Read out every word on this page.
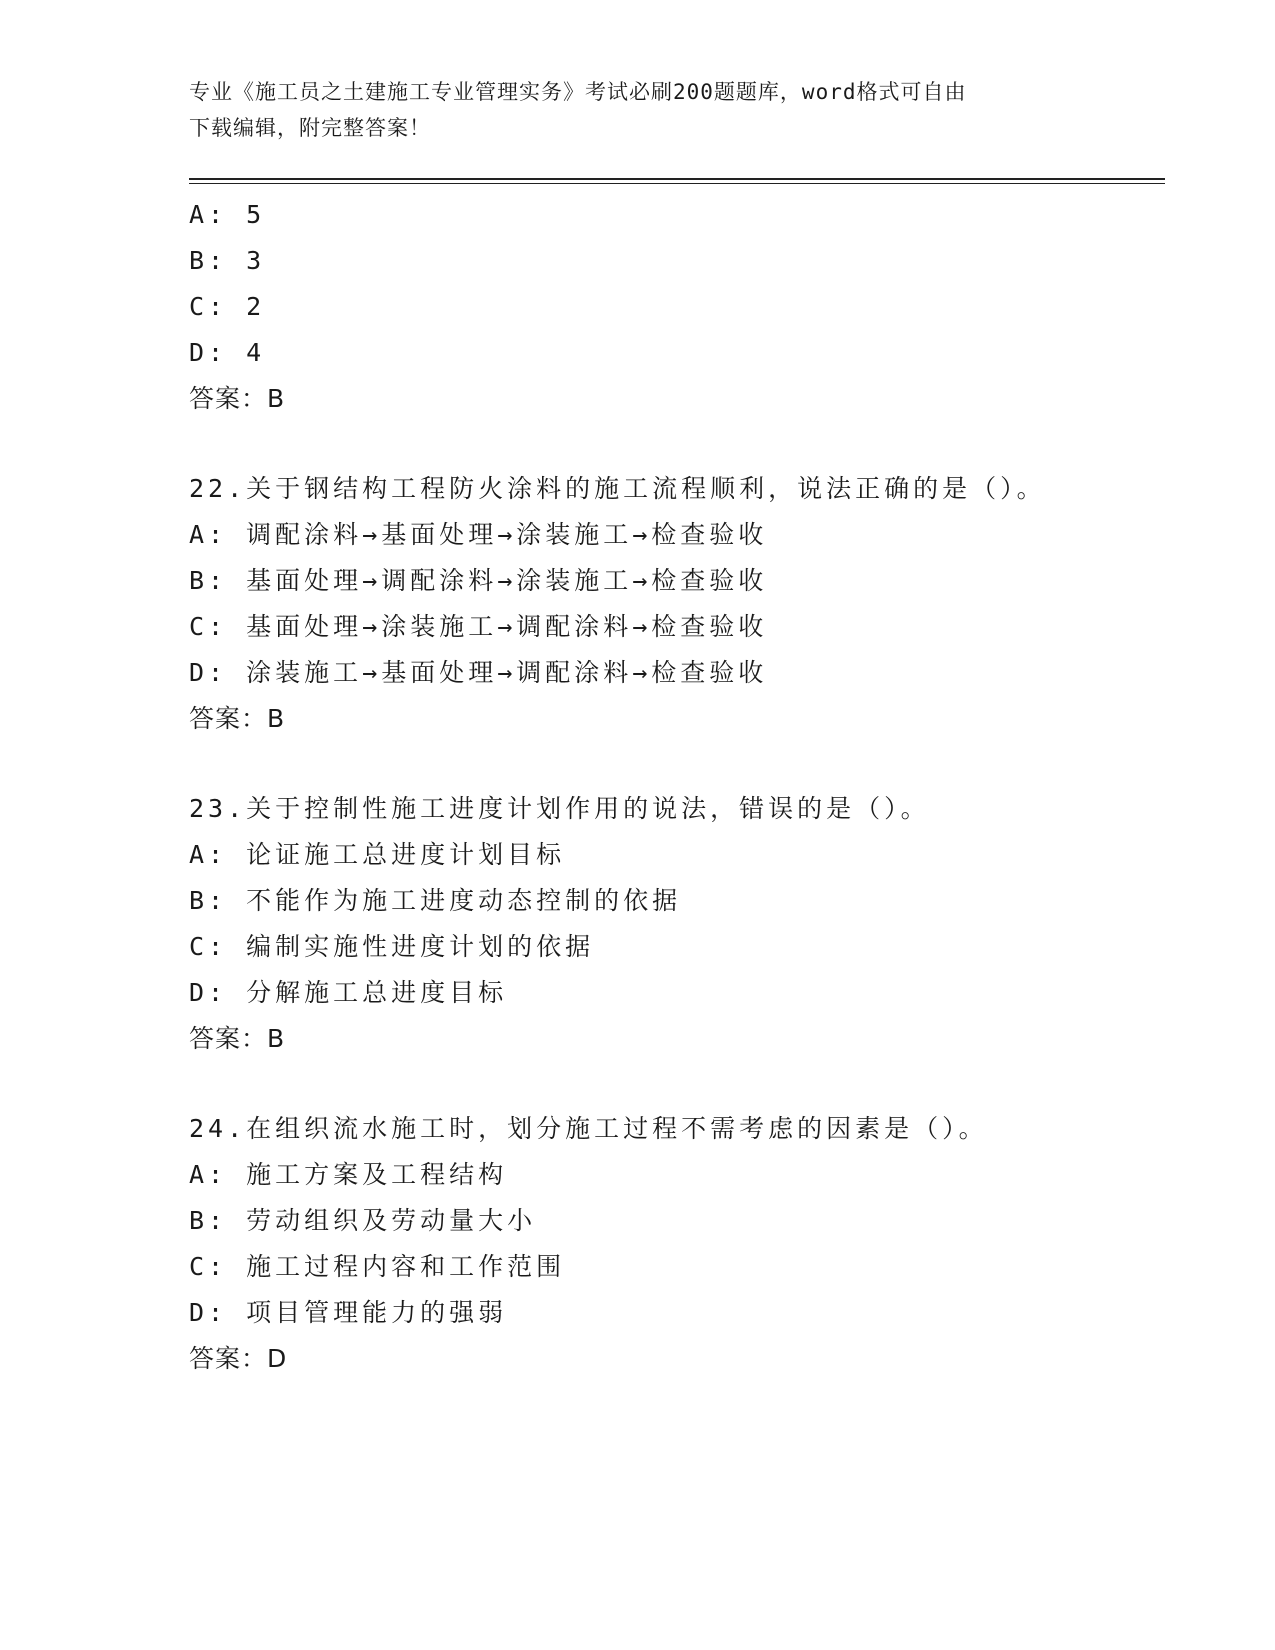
专业《施工员之土建施工专业管理实务》考试必刷200题题库，word格式可自由
下载编辑，附完整答案！
A: 5
B: 3
C: 2
D: 4
答案：B
22.关于钢结构工程防火涂料的施工流程顺利，说法正确的是（）。
A: 调配涂料→基面处理→涂装施工→检查验收
B: 基面处理→调配涂料→涂装施工→检查验收
C: 基面处理→涂装施工→调配涂料→检查验收
D: 涂装施工→基面处理→调配涂料→检查验收
答案：B
23.关于控制性施工进度计划作用的说法，错误的是（）。
A: 论证施工总进度计划目标
B: 不能作为施工进度动态控制的依据
C: 编制实施性进度计划的依据
D: 分解施工总进度目标
答案：B
24.在组织流水施工时，划分施工过程不需考虑的因素是（）。
A: 施工方案及工程结构
B: 劳动组织及劳动量大小
C: 施工过程内容和工作范围
D: 项目管理能力的强弱
答案：D
